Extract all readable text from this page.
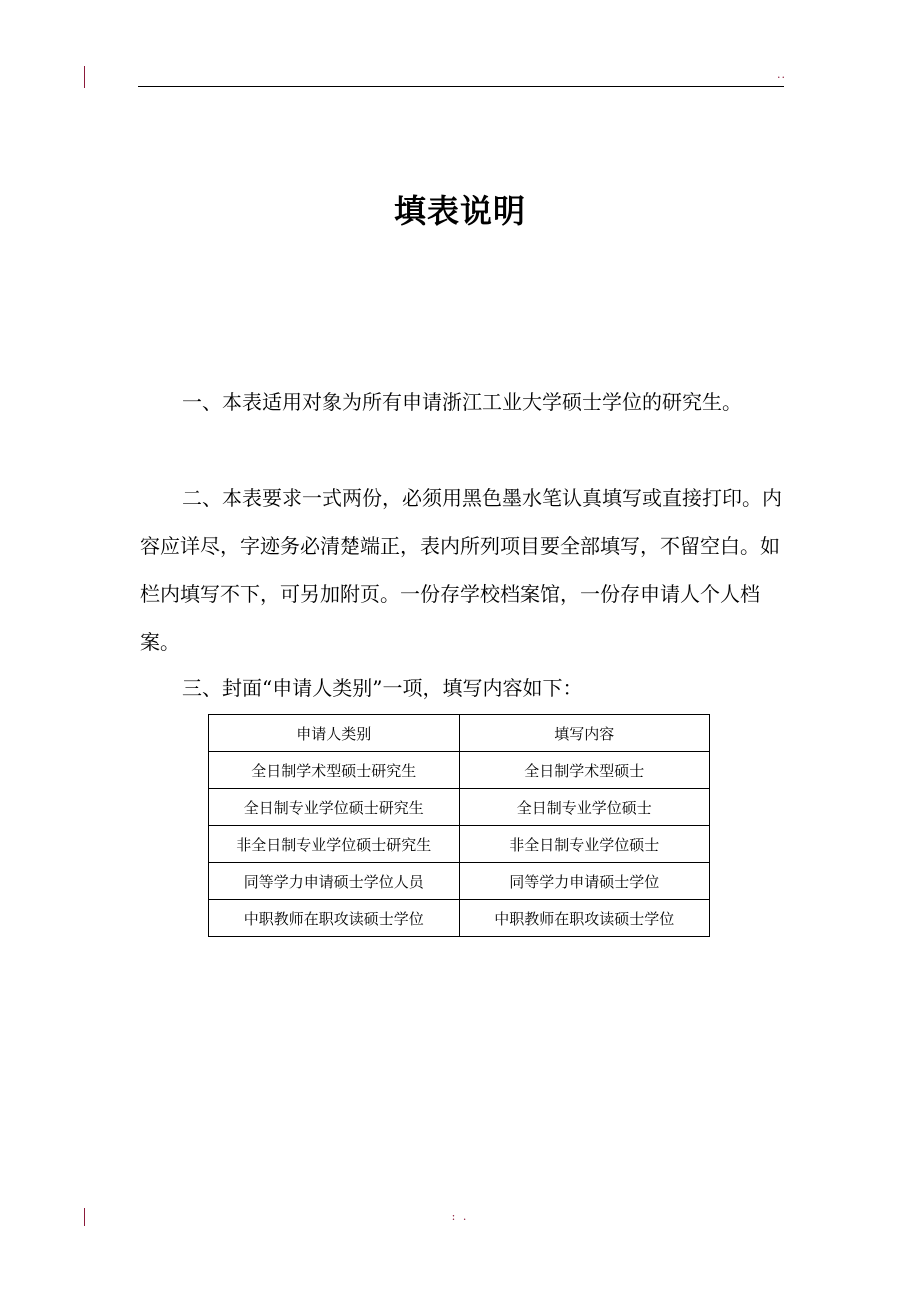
..
填表说明

一、本表适用对象为所有申请浙江工业大学硕士学位的研究生。

二、本表要求一式两份，必须用黑色墨水笔认真填写或直接打印。内容应详尽，字迹务必清楚端正，表内所列项目要全部填写，不留空白。如栏内填写不下，可另加附页。一份存学校档案馆，一份存申请人个人档案。

三、封面“申请人类别”一项，填写内容如下：

申请人类别	填写内容
全日制学术型硕士研究生	全日制学术型硕士
全日制专业学位硕士研究生	全日制专业学位硕士
非全日制专业学位硕士研究生	非全日制专业学位硕士
同等学力申请硕士学位人员	同等学力申请硕士学位
中职教师在职攻读硕士学位	中职教师在职攻读硕士学位
: .
